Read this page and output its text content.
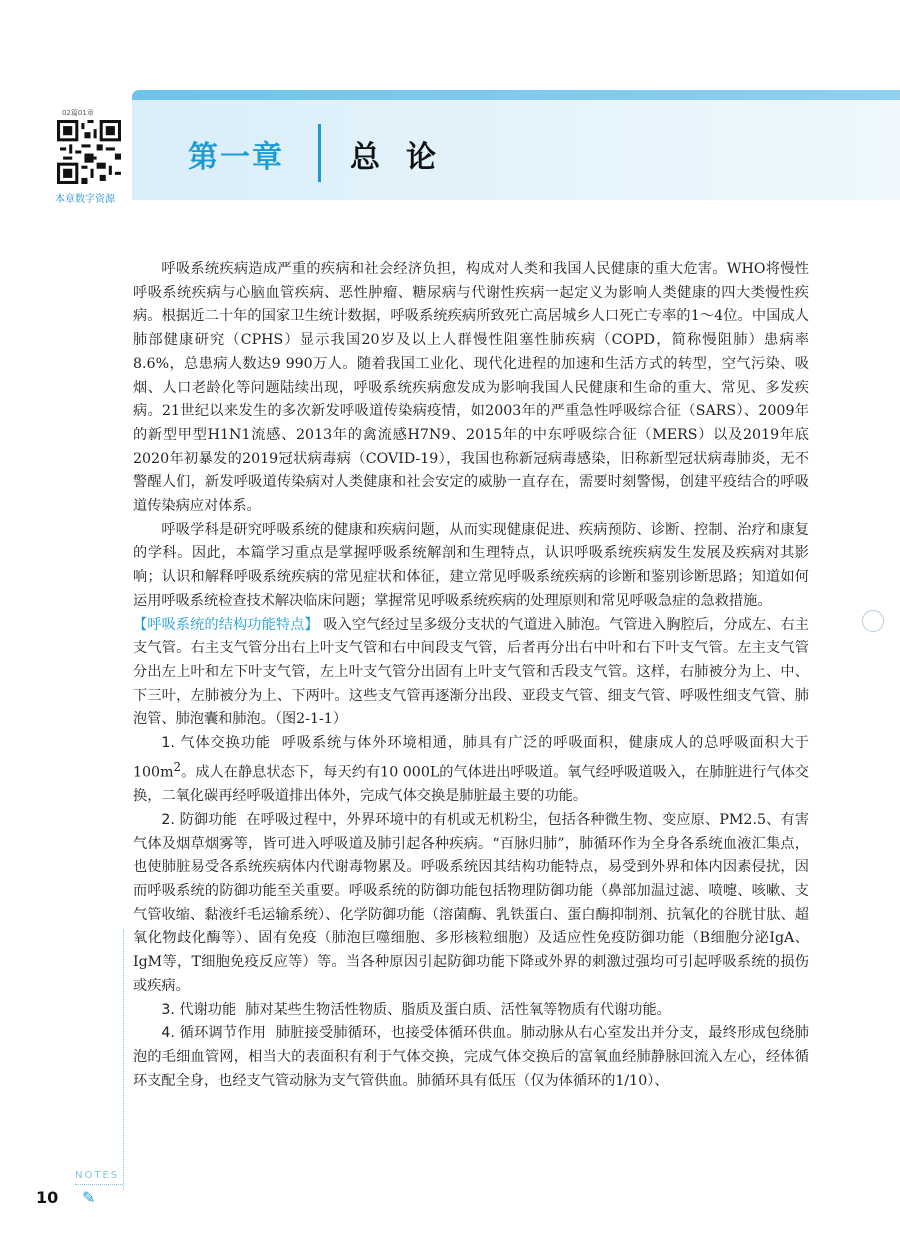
02篇01章
本章数字资源
第一章 总论

呼吸系统疾病造成严重的疾病和社会经济负担，构成对人类和我国人民健康的重大危害。WHO将慢性呼吸系统疾病与心脑血管疾病、恶性肿瘤、糖尿病与代谢性疾病一起定义为影响人类健康的四大类慢性疾病。根据近二十年的国家卫生统计数据，呼吸系统疾病所致死亡高居城乡人口死亡专率的1～4位。中国成人肺部健康研究（CPHS）显示我国20岁及以上人群慢性阻塞性肺疾病（COPD，简称慢阻肺）患病率8.6%，总患病人数达9 990万人。随着我国工业化、现代化进程的加速和生活方式的转型，空气污染、吸烟、人口老龄化等问题陆续出现，呼吸系统疾病愈发成为影响我国人民健康和生命的重大、常见、多发疾病。21世纪以来发生的多次新发呼吸道传染病疫情，如2003年的严重急性呼吸综合征（SARS）、2009年的新型甲型H1N1流感、2013年的禽流感H7N9、2015年的中东呼吸综合征（MERS）以及2019年底2020年初暴发的2019冠状病毒病（COVID-19），我国也称新冠病毒感染，旧称新型冠状病毒肺炎，无不警醒人们，新发呼吸道传染病对人类健康和社会安定的威胁一直存在，需要时刻警惕，创建平疫结合的呼吸道传染病应对体系。

呼吸学科是研究呼吸系统的健康和疾病问题，从而实现健康促进、疾病预防、诊断、控制、治疗和康复的学科。因此，本篇学习重点是掌握呼吸系统解剖和生理特点，认识呼吸系统疾病发生发展及疾病对其影响；认识和解释呼吸系统疾病的常见症状和体征，建立常见呼吸系统疾病的诊断和鉴别诊断思路；知道如何运用呼吸系统检查技术解决临床问题；掌握常见呼吸系统疾病的处理原则和常见呼吸急症的急救措施。

【呼吸系统的结构功能特点】 吸入空气经过呈多级分支状的气道进入肺泡。气管进入胸腔后，分成左、右主支气管。右主支气管分出右上叶支气管和右中间段支气管，后者再分出右中叶和右下叶支气管。左主支气管分出左上叶和左下叶支气管，左上叶支气管分出固有上叶支气管和舌段支气管。这样，右肺被分为上、中、下三叶，左肺被分为上、下两叶。这些支气管再逐渐分出段、亚段支气管、细支气管、呼吸性细支气管、肺泡管、肺泡囊和肺泡。（图2-1-1）

1. 气体交换功能 呼吸系统与体外环境相通，肺具有广泛的呼吸面积，健康成人的总呼吸面积大于$100m^2$。成人在静息状态下，每天约有10 000L的气体进出呼吸道。氧气经呼吸道吸入，在肺脏进行气体交换，二氧化碳再经呼吸道排出体外，完成气体交换是肺脏最主要的功能。

2. 防御功能 在呼吸过程中，外界环境中的有机或无机粉尘，包括各种微生物、变应原、PM2.5、有害气体及烟草烟雾等，皆可进入呼吸道及肺引起各种疾病。“百脉归肺”，肺循环作为全身各系统血液汇集点，也使肺脏易受各系统疾病体内代谢毒物累及。呼吸系统因其结构功能特点，易受到外界和体内因素侵扰，因而呼吸系统的防御功能至关重要。呼吸系统的防御功能包括物理防御功能（鼻部加温过滤、喷嚏、咳嗽、支气管收缩、黏液纤毛运输系统）、化学防御功能（溶菌酶、乳铁蛋白、蛋白酶抑制剂、抗氧化的谷胱甘肽、超氧化物歧化酶等）、固有免疫（肺泡巨噬细胞、多形核粒细胞）及适应性免疫防御功能（B细胞分泌IgA、IgM等，T细胞免疫反应等）等。当各种原因引起防御功能下降或外界的刺激过强均可引起呼吸系统的损伤或疾病。

3. 代谢功能 肺对某些生物活性物质、脂质及蛋白质、活性氧等物质有代谢功能。

4. 循环调节作用 肺脏接受肺循环，也接受体循环供血。肺动脉从右心室发出并分支，最终形成包绕肺泡的毛细血管网，相当大的表面积有利于气体交换，完成气体交换后的富氧血经肺静脉回流入左心，经体循环支配全身，也经支气管动脉为支气管供血。肺循环具有低压（仅为体循环的1/10）、

NOTES
10 ✎
